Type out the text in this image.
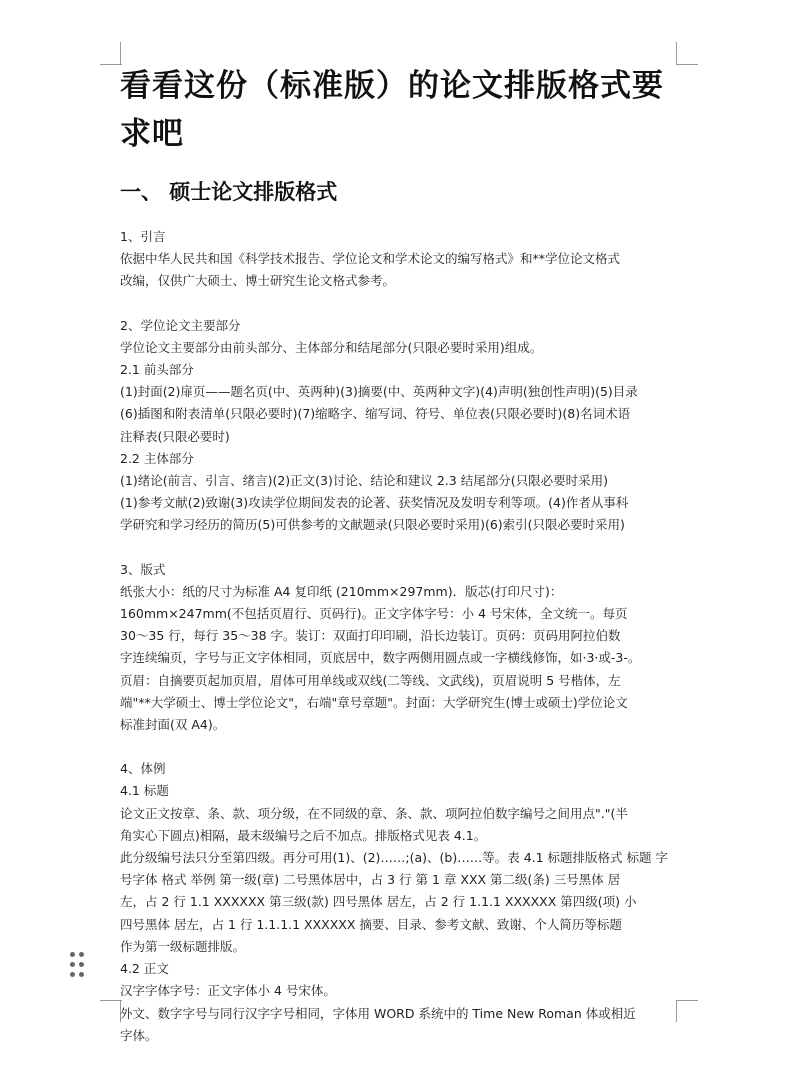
看看这份（标准版）的论文排版格式要
求吧
一、 硕士论文排版格式
1、引言
依据中华人民共和国《科学技术报告、学位论文和学术论文的编写格式》和**学位论文格式
改编，仅供广大硕士、博士研究生论文格式参考。
2、学位论文主要部分
学位论文主要部分由前头部分、主体部分和结尾部分(只限必要时采用)组成。
2.1 前头部分
(1)封面(2)扉页——题名页(中、英两种)(3)摘要(中、英两种文字)(4)声明(独创性声明)(5)目录
(6)插图和附表清单(只限必要时)(7)缩略字、缩写词、符号、单位表(只限必要时)(8)名词术语
注释表(只限必要时)
2.2 主体部分
(1)绪论(前言、引言、绪言)(2)正文(3)讨论、结论和建议 2.3 结尾部分(只限必要时采用)
(1)参考文献(2)致谢(3)攻读学位期间发表的论著、获奖情况及发明专利等项。(4)作者从事科
学研究和学习经历的简历(5)可供参考的文献题录(只限必要时采用)(6)索引(只限必要时采用)
3、版式
纸张大小：纸的尺寸为标准 A4 复印纸 (210mm×297mm)．版芯(打印尺寸)：
160mm×247mm(不包括页眉行、页码行)。正文字体字号：小 4 号宋体，全文统一。每页
30～35 行，每行 35～38 字。装订：双面打印印刷，沿长边装订。页码：页码用阿拉伯数
字连续编页，字号与正文字体相同，页底居中，数字两侧用圆点或一字横线修饰，如·3·或-3-。
页眉：自摘要页起加页眉，眉体可用单线或双线(二等线、文武线)，页眉说明 5 号楷体，左
端"**大学硕士、博士学位论文"，右端"章号章题"。封面：大学研究生(博士或硕士)学位论文
标准封面(双 A4)。
4、体例
4.1 标题
论文正文按章、条、款、项分级，在不同级的章、条、款、项阿拉伯数字编号之间用点"."(半
角实心下圆点)相隔，最末级编号之后不加点。排版格式见表 4.1。
此分级编号法只分至第四级。再分可用(1)、(2)……;(a)、(b)……等。表 4.1 标题排版格式 标题 字
号字体 格式 举例 第一级(章) 二号黑体居中，占 3 行 第 1 章 XXX 第二级(条) 三号黑体 居
左，占 2 行 1.1 XXXXXX 第三级(款) 四号黑体 居左，占 2 行 1.1.1 XXXXXX 第四级(项) 小
四号黑体 居左，占 1 行 1.1.1.1 XXXXXX 摘要、目录、参考文献、致谢、个人简历等标题
作为第一级标题排版。
4.2 正文
汉字字体字号：正文字体小 4 号宋体。
外文、数字字号与同行汉字字号相同，字体用 WORD 系统中的 Time New Roman 体或相近
字体。
